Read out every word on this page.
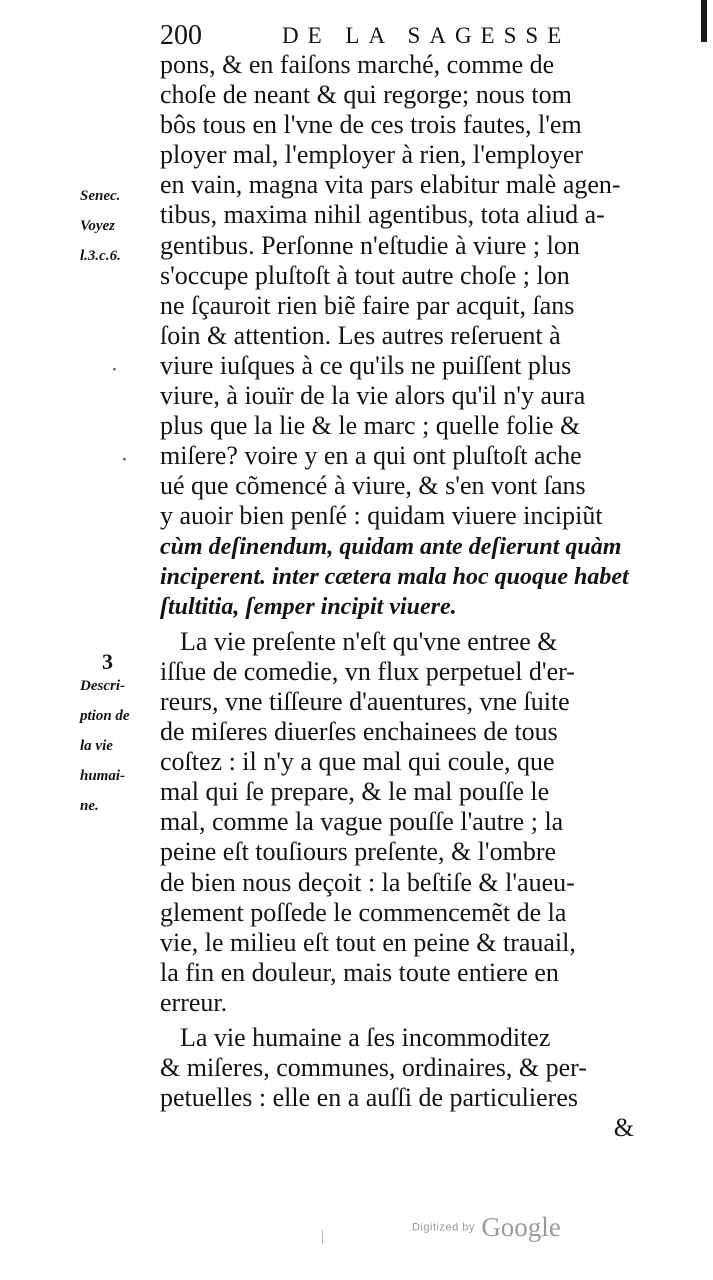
200	DE LA SAGESSE
Senec.
Voyez
l.3.c.6.
·
·
3
Descri-
ption de
la vie
humai-
ne.
pons, & en faiſons marché, comme de
choſe de neant & qui regorge; nous tom
bôs tous en l'vne de ces trois fautes, l'em
ployer mal, l'employer à rien, l'employer
en vain, magna vita pars elabitur malè agen-
tibus, maxima nihil agentibus, tota aliud a-
gentibus. Perſonne n'eſtudie à viure ; lon
s'occupe pluſtoſt à tout autre choſe ; lon
ne ſçauroit rien biẽ faire par acquit, ſans
ſoin & attention. Les autres reſeruent à
viure iuſques à ce qu'ils ne puiſſent plus
viure, à iouïr de la vie alors qu'il n'y aura
plus que la lie & le marc ; quelle folie &
miſere? voire y en a qui ont pluſtoſt ache
ué que cõmencé à viure, & s'en vont ſans
y auoir bien penſé : quidam viuere incipiũt
cùm deſinendum, quidam ante deſierunt quàm
inciperent. inter cætera mala hoc quoque habet
ſtultitia, ſemper incipit viuere.
La vie preſente n'eſt qu'vne entree &
iſſue de comedie, vn flux perpetuel d'er-
reurs, vne tiſſeure d'auentures, vne ſuite
de miſeres diuerſes enchainees de tous
coſtez : il n'y a que mal qui coule, que
mal qui ſe prepare, & le mal pouſſe le
mal, comme la vague pouſſe l'autre ; la
peine eſt touſiours preſente, & l'ombre
de bien nous deçoit : la beſtiſe & l'aueu-
glement poſſede le commencemẽt de la
vie, le milieu eſt tout en peine & trauail,
la fin en douleur, mais toute entiere en
erreur.
La vie humaine a ſes incommoditez
& miſeres, communes, ordinaires, & per-
petuelles : elle en a auſſi de particulieres
&
Digitized by Google
